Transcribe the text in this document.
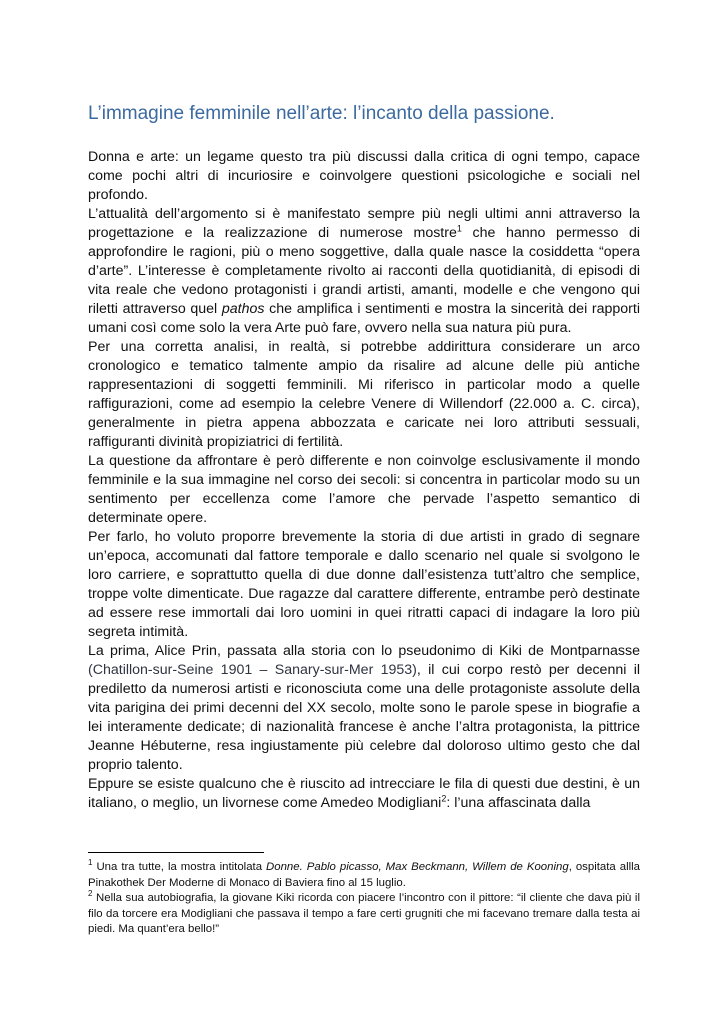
L’immagine femminile nell’arte: l’incanto della passione.

Donna e arte: un legame questo tra più discussi dalla critica di ogni tempo, capace come pochi altri di incuriosire e coinvolgere questioni psicologiche e sociali nel profondo.

L’attualità dell’argomento si è manifestato sempre più negli ultimi anni attraverso la progettazione e la realizzazione di numerose mostre$^1$ che hanno permesso di approfondire le ragioni, più o meno soggettive, dalla quale nasce la cosiddetta “opera d’arte”. L’interesse è completamente rivolto ai racconti della quotidianità, di episodi di vita reale che vedono protagonisti i grandi artisti, amanti, modelle e che vengono qui riletti attraverso quel pathos che amplifica i sentimenti e mostra la sincerità dei rapporti umani così come solo la vera Arte può fare, ovvero nella sua natura più pura.

Per una corretta analisi, in realtà, si potrebbe addirittura considerare un arco cronologico e tematico talmente ampio da risalire ad alcune delle più antiche rappresentazioni di soggetti femminili. Mi riferisco in particolar modo a quelle raffigurazioni, come ad esempio la celebre Venere di Willendorf (22.000 a. C. circa), generalmente in pietra appena abbozzata e caricate nei loro attributi sessuali, raffiguranti divinità propiziatrici di fertilità.

La questione da affrontare è però differente e non coinvolge esclusivamente il mondo femminile e la sua immagine nel corso dei secoli: si concentra in particolar modo su un sentimento per eccellenza come l’amore che pervade l’aspetto semantico di determinate opere.

Per farlo, ho voluto proporre brevemente la storia di due artisti in grado di segnare un’epoca, accomunati dal fattore temporale e dallo scenario nel quale si svolgono le loro carriere, e soprattutto quella di due donne dall’esistenza tutt’altro che semplice, troppe volte dimenticate. Due ragazze dal carattere differente, entrambe però destinate ad essere rese immortali dai loro uomini in quei ritratti capaci di indagare la loro più segreta intimità.

La prima, Alice Prin, passata alla storia con lo pseudonimo di Kiki de Montparnasse (Chatillon-sur-Seine 1901 – Sanary-sur-Mer 1953), il cui corpo restò per decenni il prediletto da numerosi artisti e riconosciuta come una delle protagoniste assolute della vita parigina dei primi decenni del XX secolo, molte sono le parole spese in biografie a lei interamente dedicate; di nazionalità francese è anche l’altra protagonista, la pittrice Jeanne Hébuterne, resa ingiustamente più celebre dal doloroso ultimo gesto che dal proprio talento.

Eppure se esiste qualcuno che è riuscito ad intrecciare le fila di questi due destini, è un italiano, o meglio, un livornese come Amedeo Modigliani$^2$: l’una affascinata dalla

$^1$ Una tra tutte, la mostra intitolata Donne. Pablo picasso, Max Beckmann, Willem de Kooning, ospitata allla Pinakothek Der Moderne di Monaco di Baviera fino al 15 luglio.

$^2$ Nella sua autobiografia, la giovane Kiki ricorda con piacere l’incontro con il pittore: “il cliente che dava più il filo da torcere era Modigliani che passava il tempo a fare certi grugniti che mi facevano tremare dalla testa ai piedi. Ma quant’era bello!”
